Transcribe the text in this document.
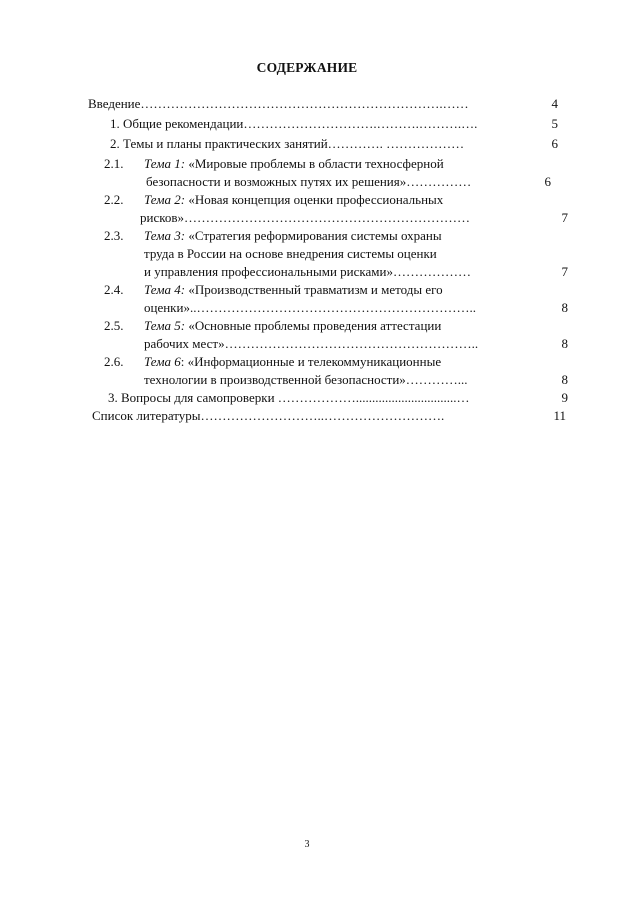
СОДЕРЖАНИЕ
Введение…………………………………………………………….……	4
1. Общие рекомендации………………………….……….……….….	5
2. Темы и планы практических занятий…………. ………………	6
2.1. Тема 1: «Мировые проблемы в области техносферной
безопасности и возможных путях их решения»……………	6
2.2. Тема 2: «Новая концепция оценки профессиональных
рисков»…………………………………………………………	7
2.3. Тема 3: «Стратегия реформирования системы охраны
труда в России на основе внедрения системы оценки
и управления профессиональными рисками»………………	7
2.4. Тема 4: «Производственный травматизм и методы его
оценки»..………………………………………………………..	8
2.5. Тема 5: «Основные проблемы проведения аттестации
рабочих мест»…………………………………………………..	8
2.6. Тема 6: «Информационные и телекоммуникационные
технологии в производственной безопасности»…………...	8
3. Вопросы для самопроверки ………………...............................…	9
Список литературы………………………..……………………….	11
3
